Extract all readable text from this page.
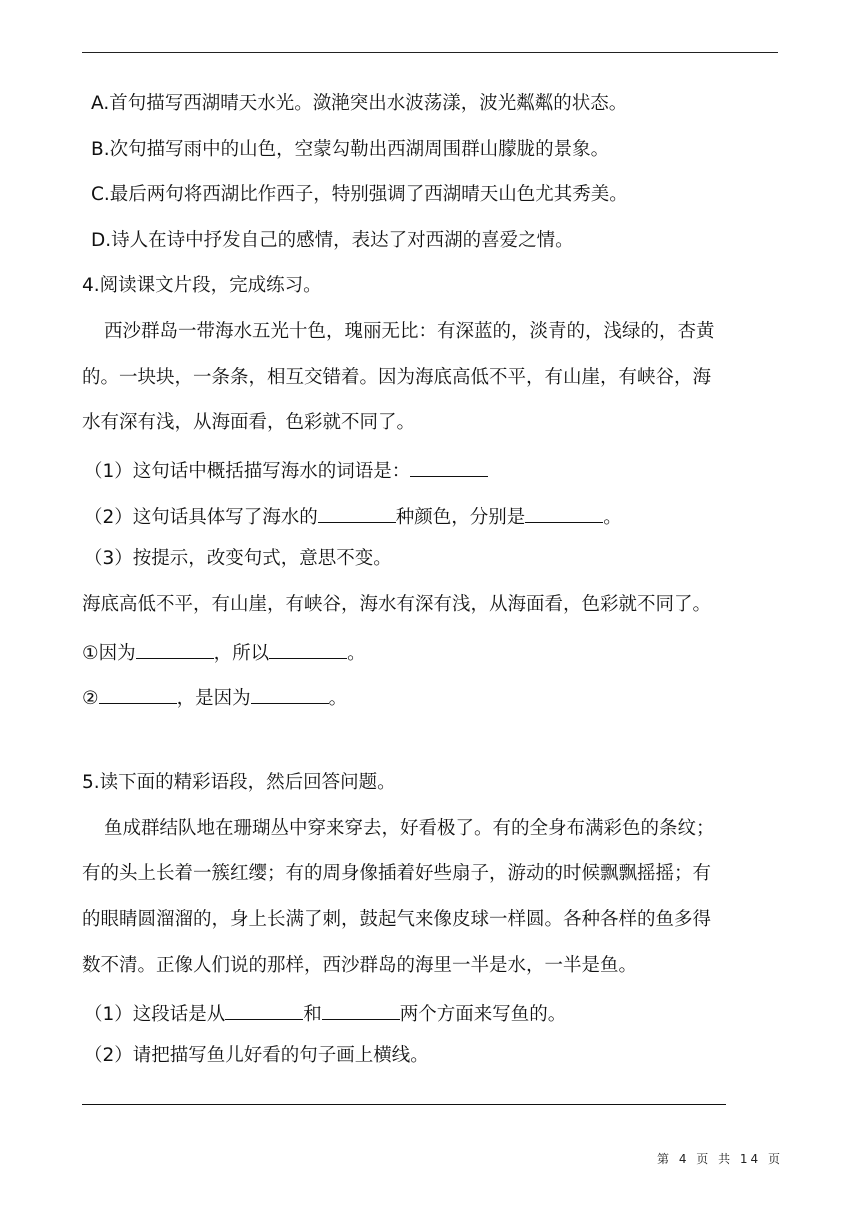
A.首句描写西湖晴天水光。潋滟突出水波荡漾，波光粼粼的状态。
B.次句描写雨中的山色，空蒙勾勒出西湖周围群山朦胧的景象。
C.最后两句将西湖比作西子，特别强调了西湖晴天山色尤其秀美。
D.诗人在诗中抒发自己的感情，表达了对西湖的喜爱之情。
4.阅读课文片段，完成练习。
西沙群岛一带海水五光十色，瑰丽无比：有深蓝的，淡青的，浅绿的，杏黄
的。一块块，一条条，相互交错着。因为海底高低不平，有山崖，有峡谷，海
水有深有浅，从海面看，色彩就不同了。
（1）这句话中概括描写海水的词语是：
（2）这句话具体写了海水的	种颜色，分别是	。
（3）按提示，改变句式，意思不变。
海底高低不平，有山崖，有峡谷，海水有深有浅，从海面看，色彩就不同了。
①因为	，所以	。
②	，是因为	。
5.读下面的精彩语段，然后回答问题。
鱼成群结队地在珊瑚丛中穿来穿去，好看极了。有的全身布满彩色的条纹；
有的头上长着一簇红缨；有的周身像插着好些扇子，游动的时候飘飘摇摇；有
的眼睛圆溜溜的，身上长满了刺，鼓起气来像皮球一样圆。各种各样的鱼多得
数不清。正像人们说的那样，西沙群岛的海里一半是水，一半是鱼。
（1）这段话是从	和	两个方面来写鱼的。
（2）请把描写鱼儿好看的句子画上横线。
第 4 页 共 14 页
